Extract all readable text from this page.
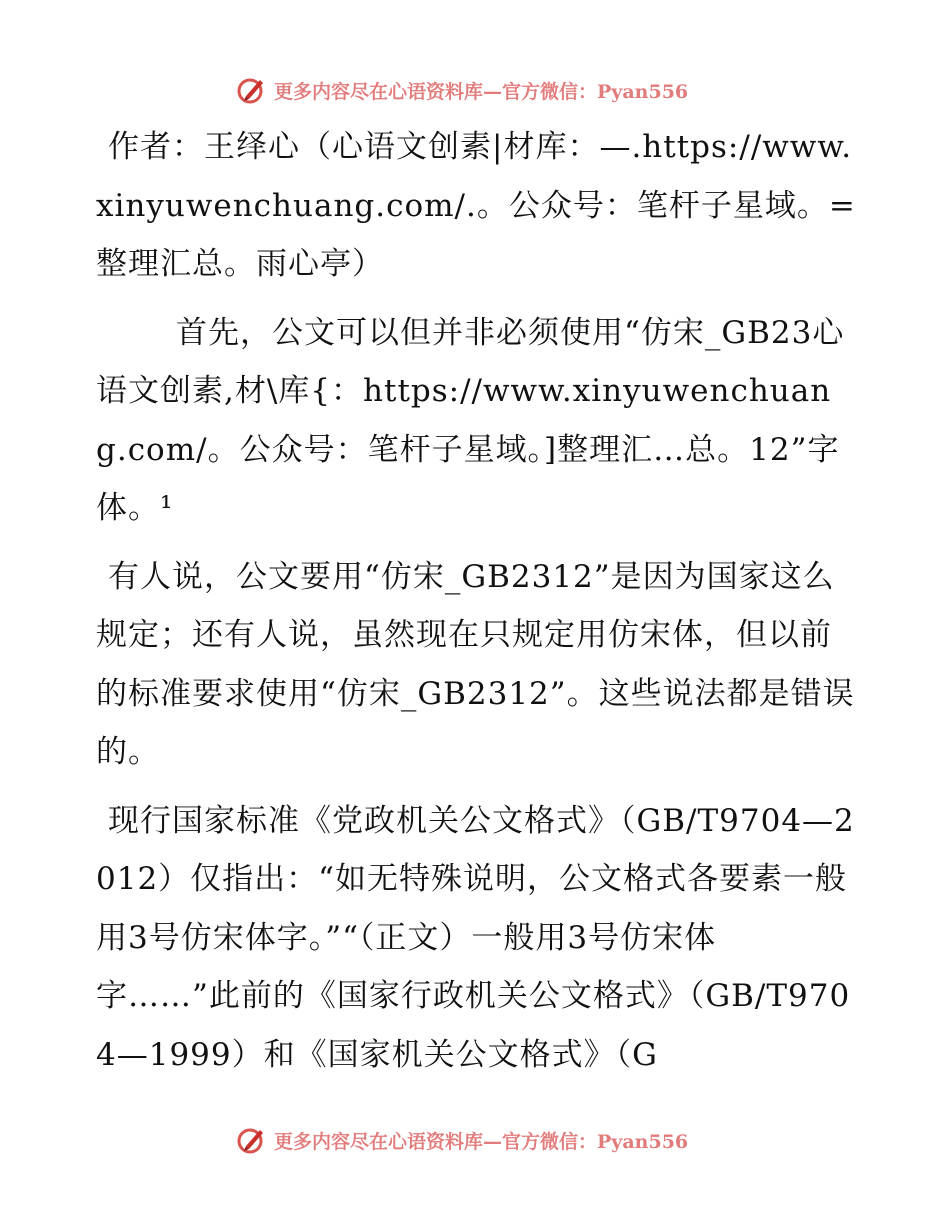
更多内容尽在心语资料库—官方微信：Pyan556

作者：王绎心（心语文创素|材库：—.https://www.xinyuwenchuang.com/.。公众号：笔杆子星域。=整理汇总。雨心亭）

首先，公文可以但并非必须使用“仿宋_GB23心语文创素,材\库{：https://www.xinyuwenchuang.com/。公众号：笔杆子星域。]整理汇…总。12”字体。¹

有人说，公文要用“仿宋_GB2312”是因为国家这么规定；还有人说，虽然现在只规定用仿宋体，但以前的标准要求使用“仿宋_GB2312”。这些说法都是错误的。

现行国家标准《党政机关公文格式》（GB/T9704—2012）仅指出：“如无特殊说明，公文格式各要素一般用3号仿宋体字。”“（正文）一般用3号仿宋体字……”此前的《国家行政机关公文格式》（GB/T9704—1999）和《国家机关公文格式》（G

更多内容尽在心语资料库—官方微信：Pyan556
